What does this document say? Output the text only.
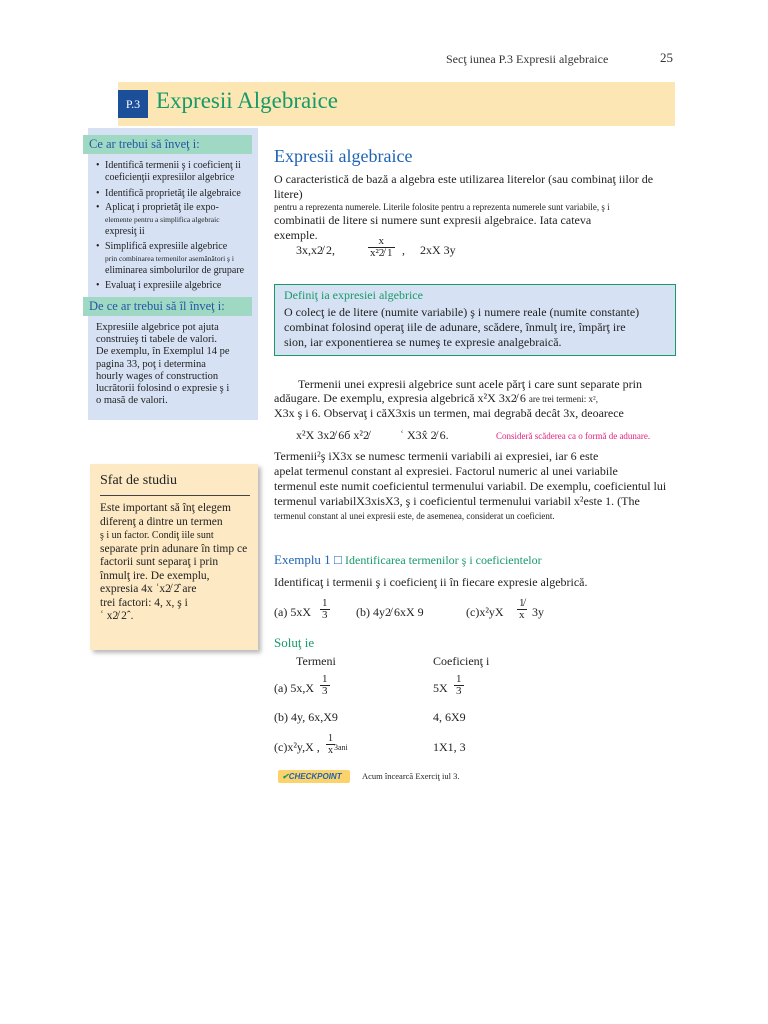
Secţ iunea P.3 Expresii algebraice	25
P.3 Expresii Algebraice
Ce ar trebui să înveţ i:
• Identifică termenii ş i coeficienţ ii
coeficienţii expresiilor algebrice
• Identifică proprietăţ ile algebraice
• Aplicaţ i proprietăţ ile expo-
elemente pentru a simplifica algebraic
expresiţ ii
• Simplifică expresiile algebrice
prin combinarea termenilor asemănători ş i
eliminarea simbolurilor de grupare
• Evaluaţ i expresiile algebrice
De ce ar trebui să îl înveţ i:
Expresiile algebrice pot ajuta
construieş ti tabele de valori.
De exemplu, în Exemplul 14 pe
pagina 33, poţ i determina
hourly wages of construction
lucrătorii folosind o expresie ş i
o masă de valori.
Sfat de studiu
Este important să înţ elegem
diferenţ a dintre un termen
ş i un factor. Condiţ iile sunt
separate prin adunare în timp ce
factorii sunt separaţ i prin
înmulţ ire. De exemplu,
expresia 4x ʿx2̸ 2̂ are
trei factori: 4, x, ş i
ʿ x2̸ 2ˆ.
Expresii algebraice
O caracteristică de bază a algebra este utilizarea literelor (sau combinaţ iilor de litere)
pentru a reprezenta numerele. Literile folosite pentru a reprezenta numerele sunt variabile, ş i
combinatii de litere si numere sunt expresii algebraice. Iata cateva
exemple.
3x,x2̸ 2,	$\frac{x}{\text{x²2̸ 1}}$ , 2xX 3y
Definiţ ia expresiei algebrice
O colecţ ie de litere (numite variabile) ş i numere reale (numite constante)
combinat folosind operaţ iile de adunare, scădere, înmulţ ire, împărţ ire
sion, iar exponentierea se numeş te expresie analgebraică.
Termenii unei expresii algebrice sunt acele părţ i care sunt separate prin
adăugare. De exemplu, expresia algebrică x²X 3x2̸ 6 are trei termeni: x²,
X3x ş i 6. Observaţ i căX3xis un termen, mai degrabă decât 3x, deoarece
x²X 3x2̸ 6б x²2̸	ʿ X3x̂ 2̸ 6.	Consideră scăderea ca o formă de adunare.
Termenii²ş iX3x se numesc termenii variabili ai expresiei, iar 6 este
apelat termenul constant al expresiei. Factorul numeric al unei variabile
termenul este numit coeficientul termenului variabil. De exemplu, coeficientul lui
termenul variabilX3xisX3, ş i coeficientul termenului variabil x²este 1. (The
termenul constant al unei expresii este, de asemenea, considerat un coeficient.
Exemplu 1 □ Identificarea termenilor ş i coeficientelor
Identificaţ i termenii ş i coeficienţ ii în fiecare expresie algebrică.
(a) $5xX \frac{1}{3} (b)$ 4y2̸ 6xX 9	$(c)x^2yX \frac{1̸}{x} 3y$
Soluţ ie
Termeni	Coeficienţ i
(a) $5x,X \frac{1}{3}$	$5X \frac{1}{3}$
(b) 4y, 6x,X9	4, 6X9
(c)x²y,X , $\frac{1}{x} 3ani$	1X1, 3
✔CHECKPOINT	Acum încearcă Exerciţ iul 3.
